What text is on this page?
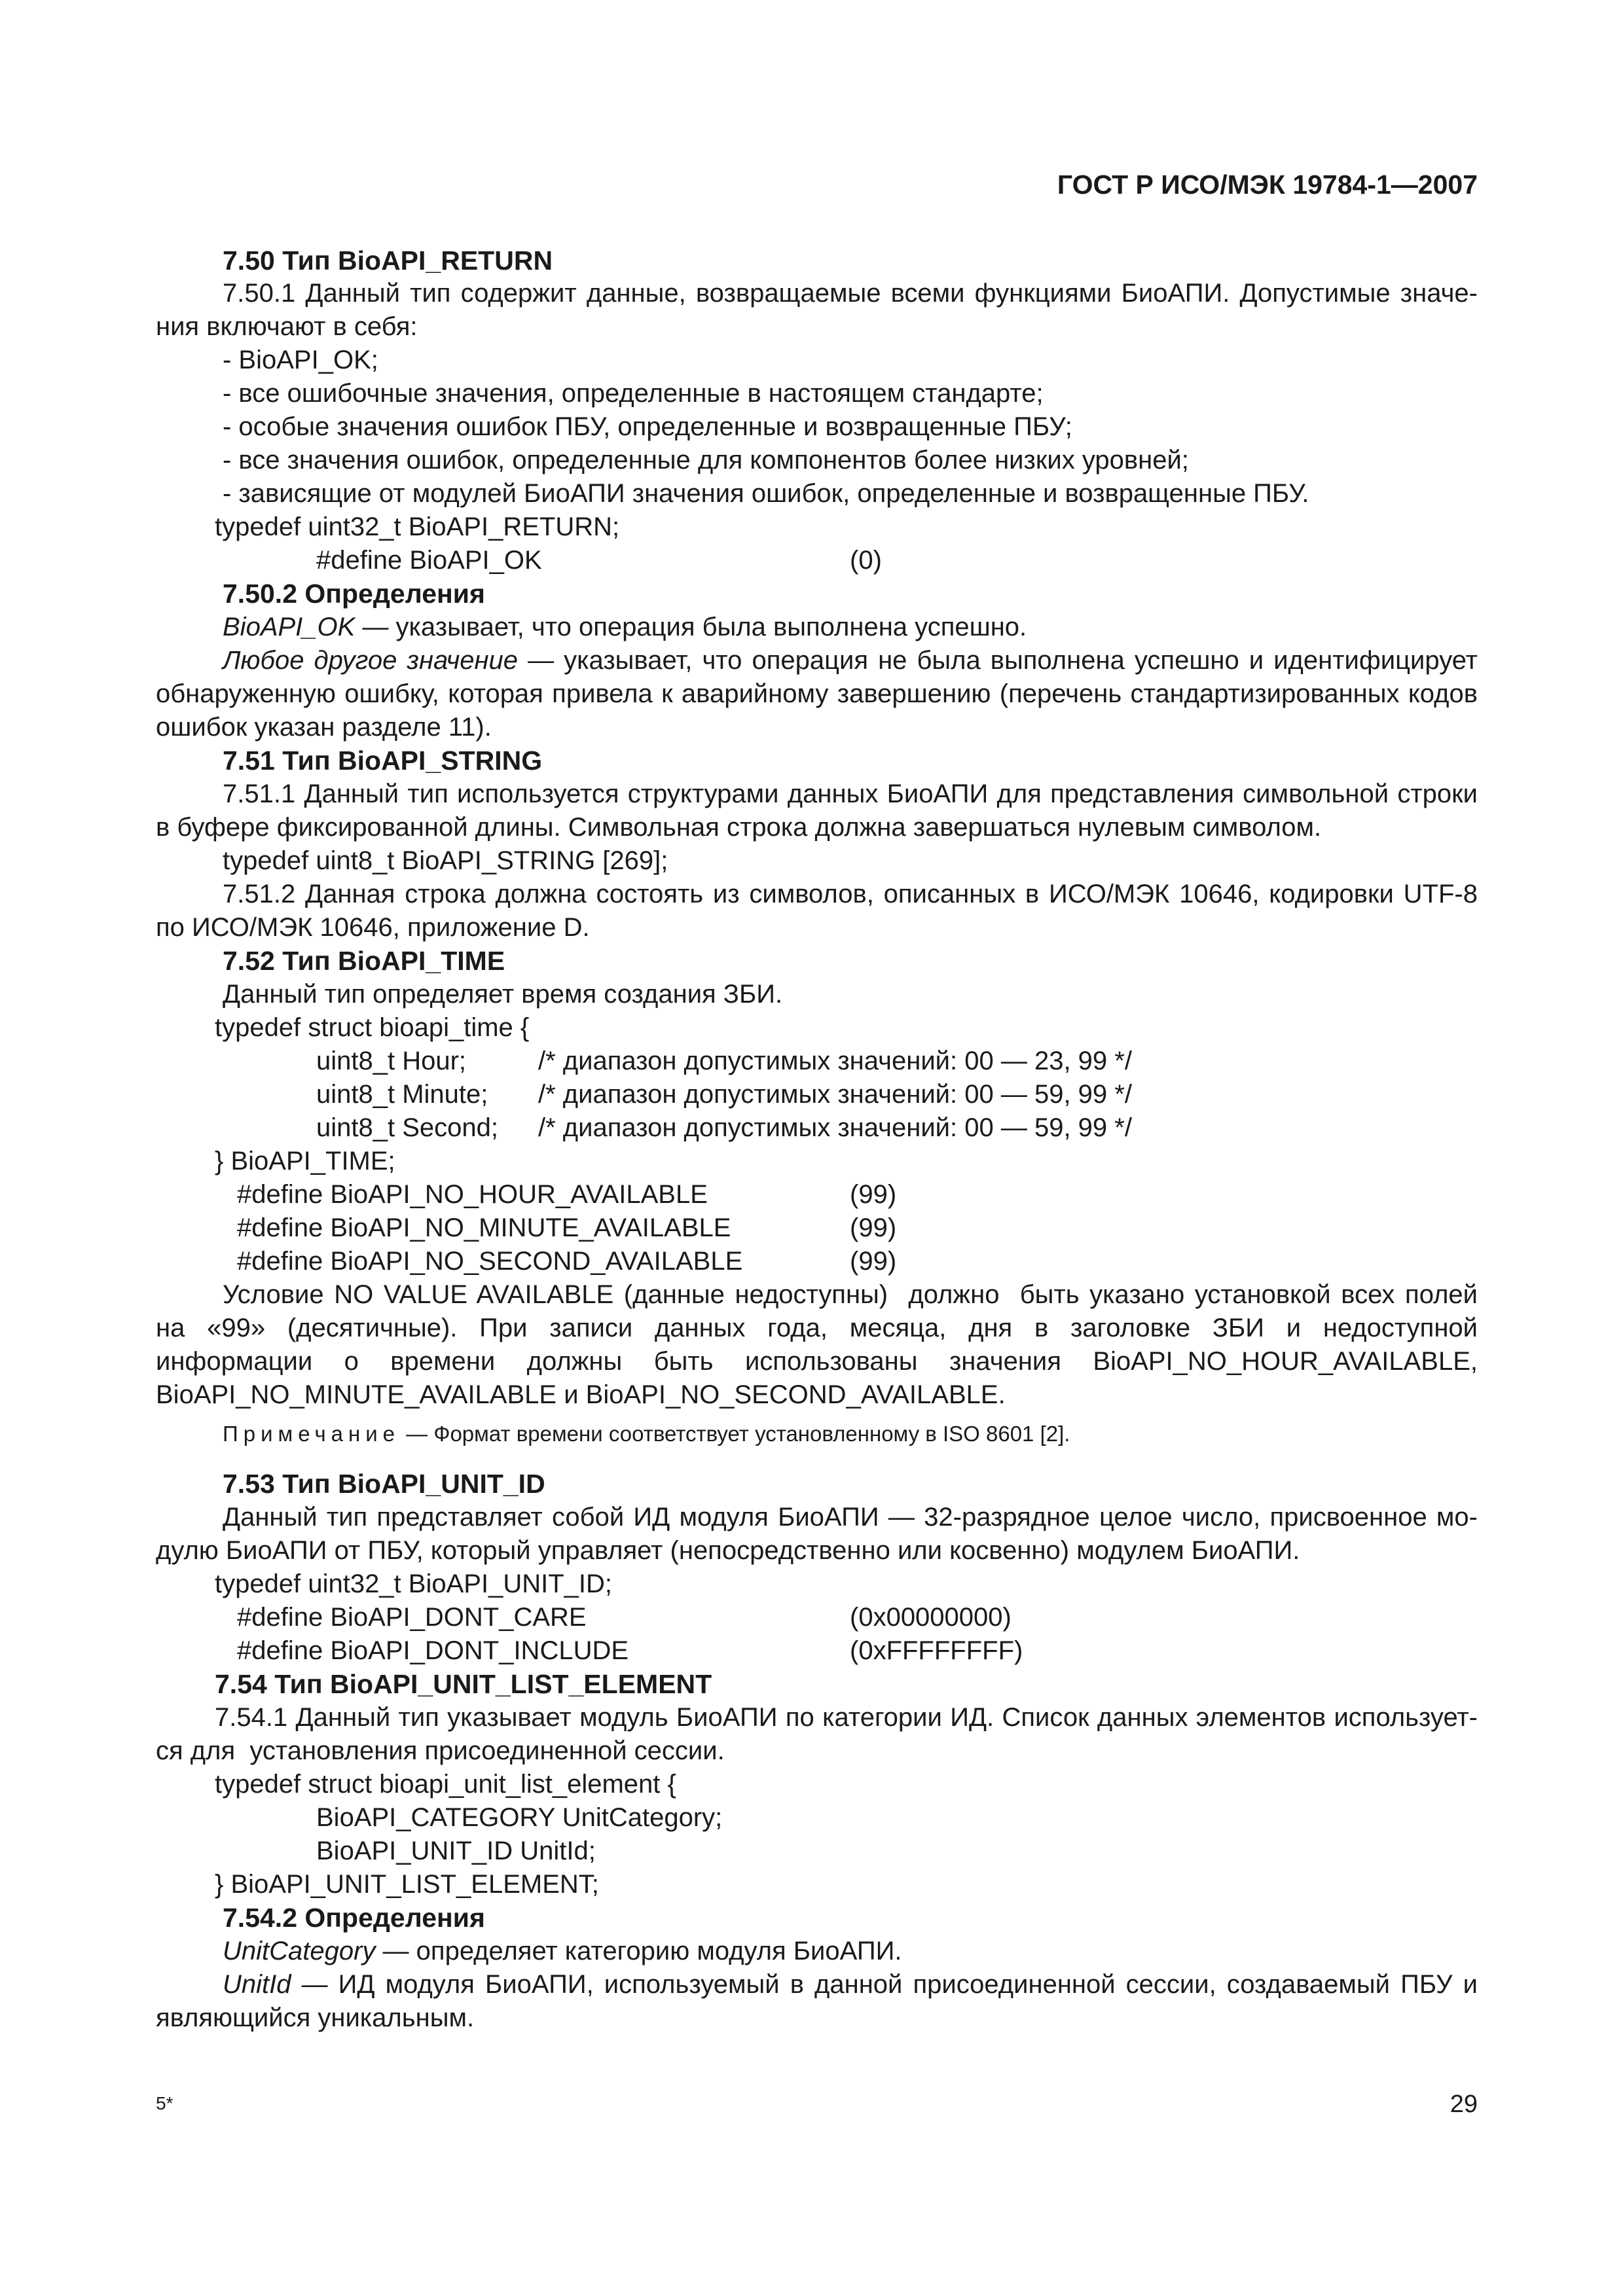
ГОСТ Р ИСО/МЭК 19784-1—2007
7.50 Тип BioAPI_RETURN
7.50.1 Данный тип содержит данные, возвращаемые всеми функциями БиоАПИ. Допустимые значе-
ния включают в себя:
- BioAPI_OK;
- все ошибочные значения, определенные в настоящем стандарте;
- особые значения ошибок ПБУ, определенные и возвращенные ПБУ;
- все значения ошибок, определенные для компонентов более низких уровней;
- зависящие от модулей БиоАПИ значения ошибок, определенные и возвращенные ПБУ.
typedef uint32_t BioAPI_RETURN;
#define BioAPI_OK	(0)
7.50.2 Определения
BioAPI_OK — указывает, что операция была выполнена успешно.
Любое другое значение — указывает, что операция не была выполнена успешно и идентифицирует
обнаруженную ошибку, которая привела к аварийному завершению (перечень стандартизированных кодов
ошибок указан разделе 11).
7.51 Тип BioAPI_STRING
7.51.1 Данный тип используется структурами данных БиоАПИ для представления символьной строки
в буфере фиксированной длины. Символьная строка должна завершаться нулевым символом.
typedef uint8_t BioAPI_STRING [269];
7.51.2 Данная строка должна состоять из символов, описанных в ИСО/МЭК 10646, кодировки UTF-8
по ИСО/МЭК 10646, приложение D.
7.52 Тип BioAPI_TIME
Данный тип определяет время создания ЗБИ.
typedef struct bioapi_time {
uint8_t Hour;	/* диапазон допустимых значений: 00 — 23, 99 */
uint8_t Minute; /* диапазон допустимых значений: 00 — 59, 99 */
uint8_t Second; /* диапазон допустимых значений: 00 — 59, 99 */
} BioAPI_TIME;
#define BioAPI_NO_HOUR_AVAILABLE	(99)
#define BioAPI_NO_MINUTE_AVAILABLE	(99)
#define BioAPI_NO_SECOND_AVAILABLE	(99)
Условие NO VALUE AVAILABLE (данные недоступны)  должно  быть указано установкой всех полей
на «99» (десятичные). При записи данных года, месяца, дня в заголовке ЗБИ и недоступной
информации о времени должны быть использованы значения BioAPI_NO_HOUR_AVAILABLE,
BioAPI_NO_MINUTE_AVAILABLE и BioAPI_NO_SECOND_AVAILABLE.
Примечание — Формат времени соответствует установленному в ISO 8601 [2].
7.53 Тип BioAPI_UNIT_ID
Данный тип представляет собой ИД модуля БиоАПИ — 32-разрядное целое число, присвоенное мо-
дулю БиоАПИ от ПБУ, который управляет (непосредственно или косвенно) модулем БиоАПИ.
typedef uint32_t BioAPI_UNIT_ID;
#define BioAPI_DONT_CARE	(0x00000000)
#define BioAPI_DONT_INCLUDE	(0xFFFFFFFF)
7.54 Тип BioAPI_UNIT_LIST_ELEMENT
7.54.1 Данный тип указывает модуль БиоАПИ по категории ИД. Список данных элементов использует-
ся для  установления присоединенной сессии.
typedef struct bioapi_unit_list_element {
BioAPI_CATEGORY UnitCategory;
BioAPI_UNIT_ID UnitId;
} BioAPI_UNIT_LIST_ELEMENT;
7.54.2 Определения
UnitCategory — определяет категорию модуля БиоАПИ.
UnitId — ИД модуля БиоАПИ, используемый в данной присоединенной сессии, создаваемый ПБУ и
являющийся уникальным.
5*	29
